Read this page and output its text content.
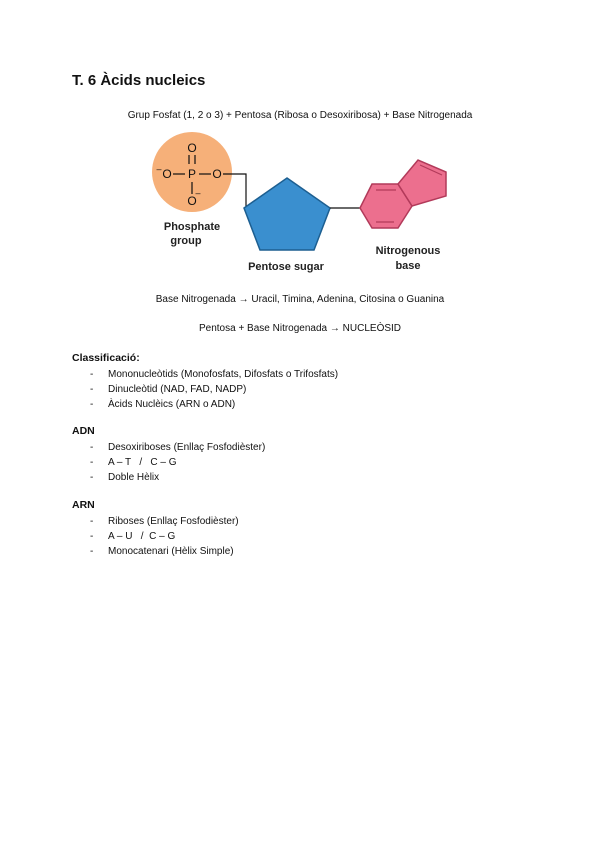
T. 6 Àcids nucleics

Grup Fosfat (1, 2 o 3) + Pentosa (Ribosa o Desoxiribosa) + Base Nitrogenada

O
P
O
–	O
O
–
Phosphate
group
Pentose sugar
Nitrogenous
base

Base Nitrogenada → Uracil, Timina, Adenina, Citosina o Guanina

Pentosa + Base Nitrogenada → NUCLEÒSID

Classificació:
- Mononucleòtids (Monofosfats, Difosfats o Trifosfats)
- Dinucleòtid (NAD, FAD, NADP)
- Àcids Nuclèics (ARN o ADN)
ADN
- Desoxiriboses (Enllaç Fosfodièster)
- A – T   /   C – G
- Doble Hèlix
ARN
- Riboses (Enllaç Fosfodièster)
- A – U   /  C – G
- Monocatenari (Hèlix Simple)
